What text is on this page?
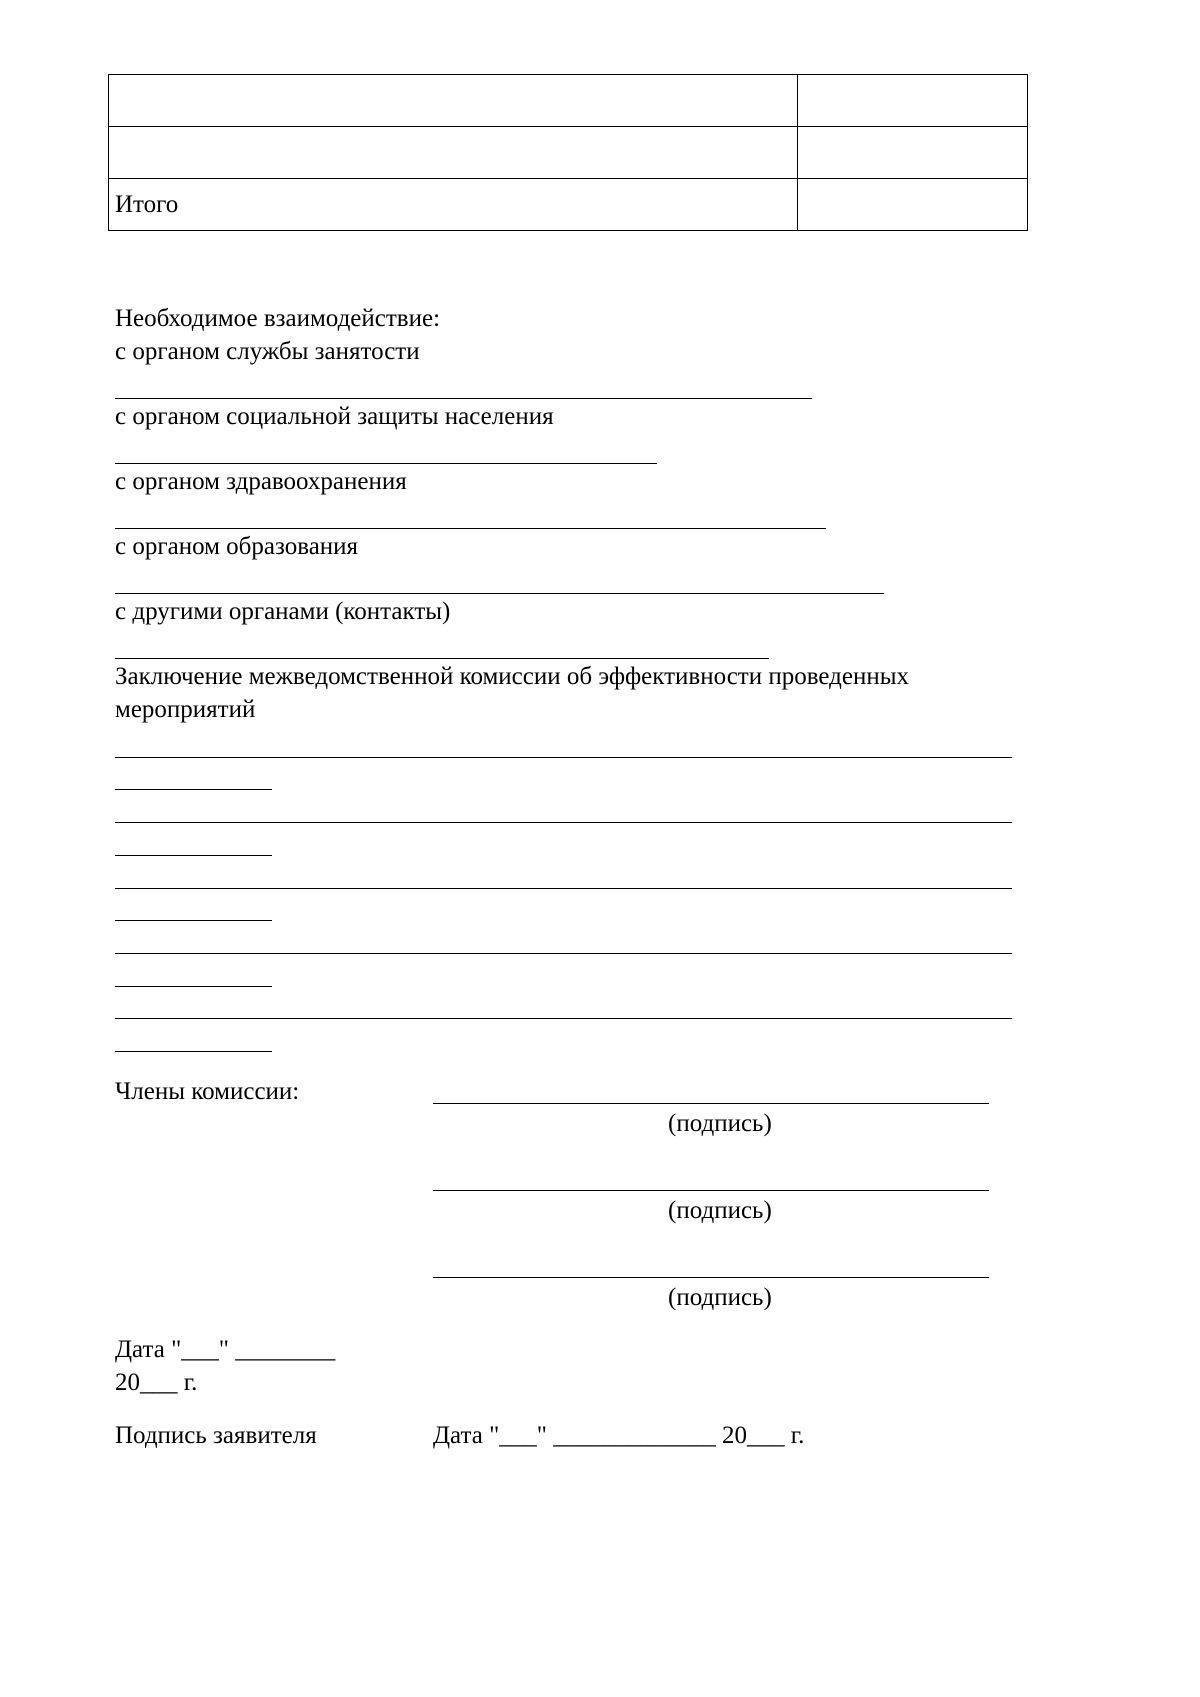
Итого	
Необходимое взаимодействие:
с органом службы занятости
с органом социальной защиты населения
с органом здравоохранения
с органом образования
с другими органами (контакты)
Заключение межведомственной комиссии об эффективности проведенных
мероприятий
Члены комиссии:
(подпись)
(подпись)
(подпись)
Дата "___" ________
20___ г.
Подпись заявителя	Дата "___" _____________ 20___ г.
